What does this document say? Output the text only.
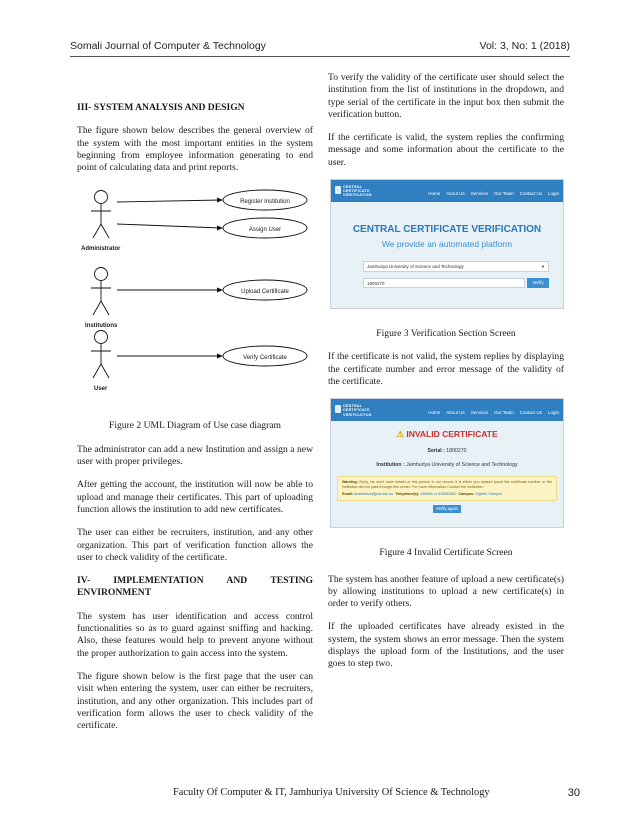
Somali Journal of Computer & Technology	Vol: 3, No: 1 (2018)

III- SYSTEM ANALYSIS AND DESIGN

The figure shown below describes the general overview of the system with the most important entities in the system beginning from employee information generating to end point of calculating data and print reports.

Administrator
Institutions
User
Register Institution
Assign User
Upload Certificate
Verify Certificate

Figure 2 UML Diagram of Use case diagram

The administrator can add a new Institution and assign a new user with proper privileges.

After getting the account, the institution will now be able to upload and manage their certificates. This part of uploading function allows the institution to add new certificates.

The user can either be recruiters, institution, and any other organization. This part of verification function allows the user to check validity of the certificate.

IV- IMPLEMENTATION AND TESTING ENVIRONMENT

The system has user identification and access control functionalities so as to guard against sniffing and hacking. Also, these features would help to prevent anyone without the proper authorization to gain access into the system.

The figure shown below is the first page that the user can visit when entering the system, user can either be recruiters, institution, and any other organization. This includes part of verification form allows the user to check validity of the certificate.

To verify the validity of the certificate user should select the institution from the list of institutions in the dropdown, and type serial of the certificate in the input box then submit the verification button.

If the certificate is valid, the system replies the confirming message and some information about the certificate to the user.

CENTRAL
CERTIFICATE
VERIFICATION	Home About Us Services Our Team Contact Us Login
CENTRAL CERTIFICATE VERIFICATION
We provide an automated platform
Jamhuriya University of Science and Technology	▼
1800270	Verify

Figure 3 Verification Section Screen

If the certificate is not valid, the system replies by displaying the certificate number and error message of the validity of the certificate.

CENTRAL
CERTIFICATE
VERIFICATION	Home About Us Services Our Team Contact Us Login
⚠ INVALID CERTIFICATE
Serial : 1800270
Institution : Jamhuriya University of Science and Technology
Warning: Sorry, we don't have details of this person in our record, it is either you missed typed the certificate number or the institution did not pass through this center. For more information Contact the institution:
Email: academics@just.edu.so Telephone(s): 458486 or 615554550 Campus: Digfeer Campus
Verify again

Figure 4 Invalid Certificate Screen

The system has another feature of upload a new certificate(s) by allowing institutions to upload a new certificate(s) in order to verify others.

If the uploaded certificates have already existed in the system, the system shows an error message. Then the system displays the upload form of the Institutions, and the user goes to step two.

Faculty Of Computer & IT, Jamhuriya University Of Science & Technology	30
